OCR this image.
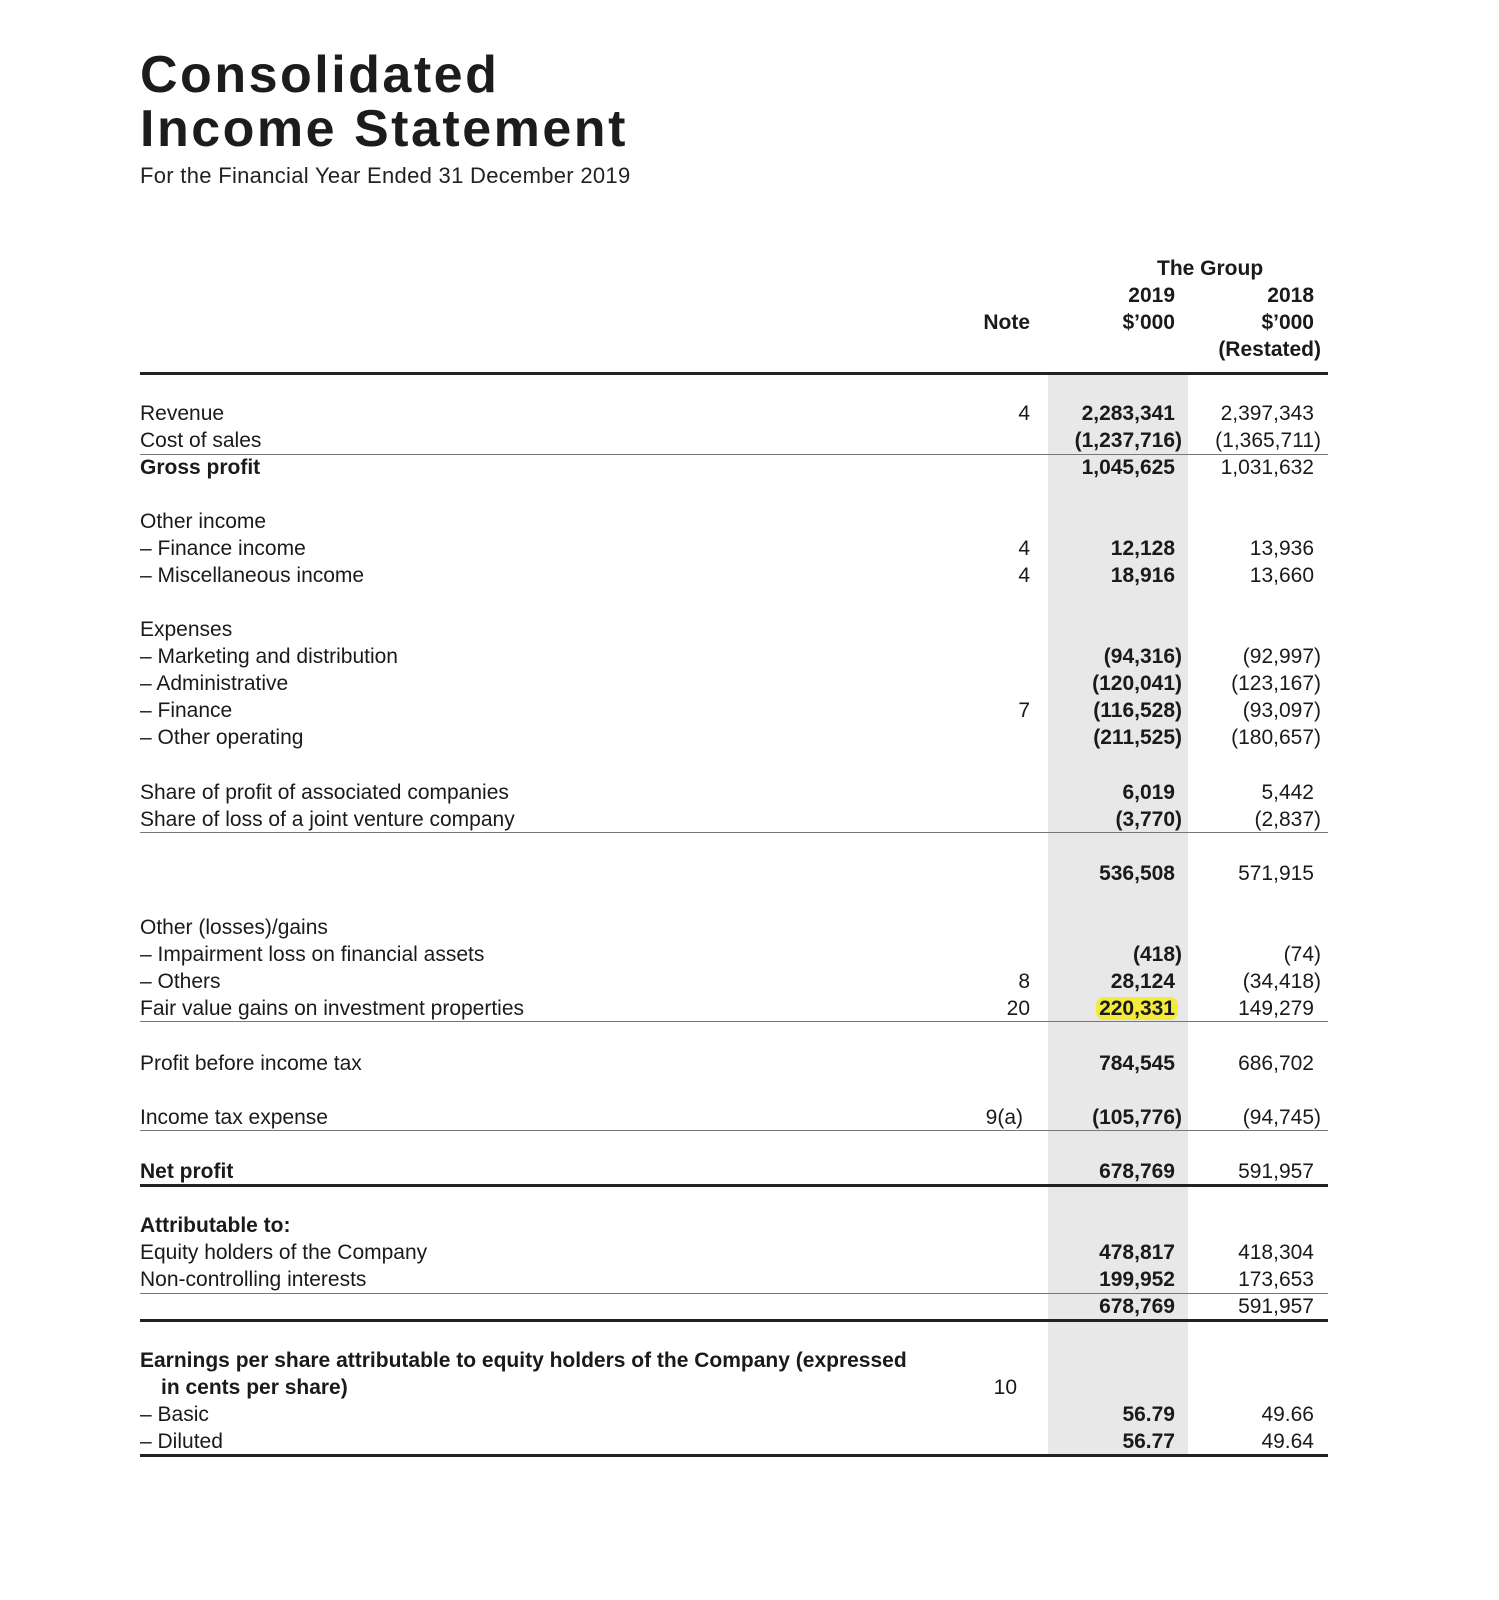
Consolidated
Income Statement
For the Financial Year Ended 31 December 2019
The Group
2019	2018
Note	$’000	$’000
(Restated)
Revenue	4 2,283,341 2,397,343
Cost of sales	(1,237,716) (1,365,711)
Gross profit	1,045,625 1,031,632
Other income
– Finance income	4	12,128	13,936
– Miscellaneous income	4	18,916	13,660
Expenses
– Marketing and distribution	(94,316)	(92,997)
– Administrative	(120,041) (123,167)
– Finance	7	(116,528)	(93,097)
– Other operating	(211,525) (180,657)
Share of profit of associated companies	6,019	5,442
Share of loss of a joint venture company	(3,770)	(2,837)
536,508	571,915
Other (losses)/gains
– Impairment loss on financial assets	(418)	(74)
– Others	8	28,124	(34,418)
Fair value gains on investment properties	20	220,331	149,279
Profit before income tax	784,545	686,702
Income tax expense	9(a)	(105,776)	(94,745)
Net profit	678,769	591,957
Attributable to:
Equity holders of the Company	478,817	418,304
Non-controlling interests	199,952	173,653
678,769	591,957
Earnings per share attributable to equity holders of the Company (expressed
in cents per share)	10
– Basic	56.79	49.66
– Diluted	56.77	49.64
